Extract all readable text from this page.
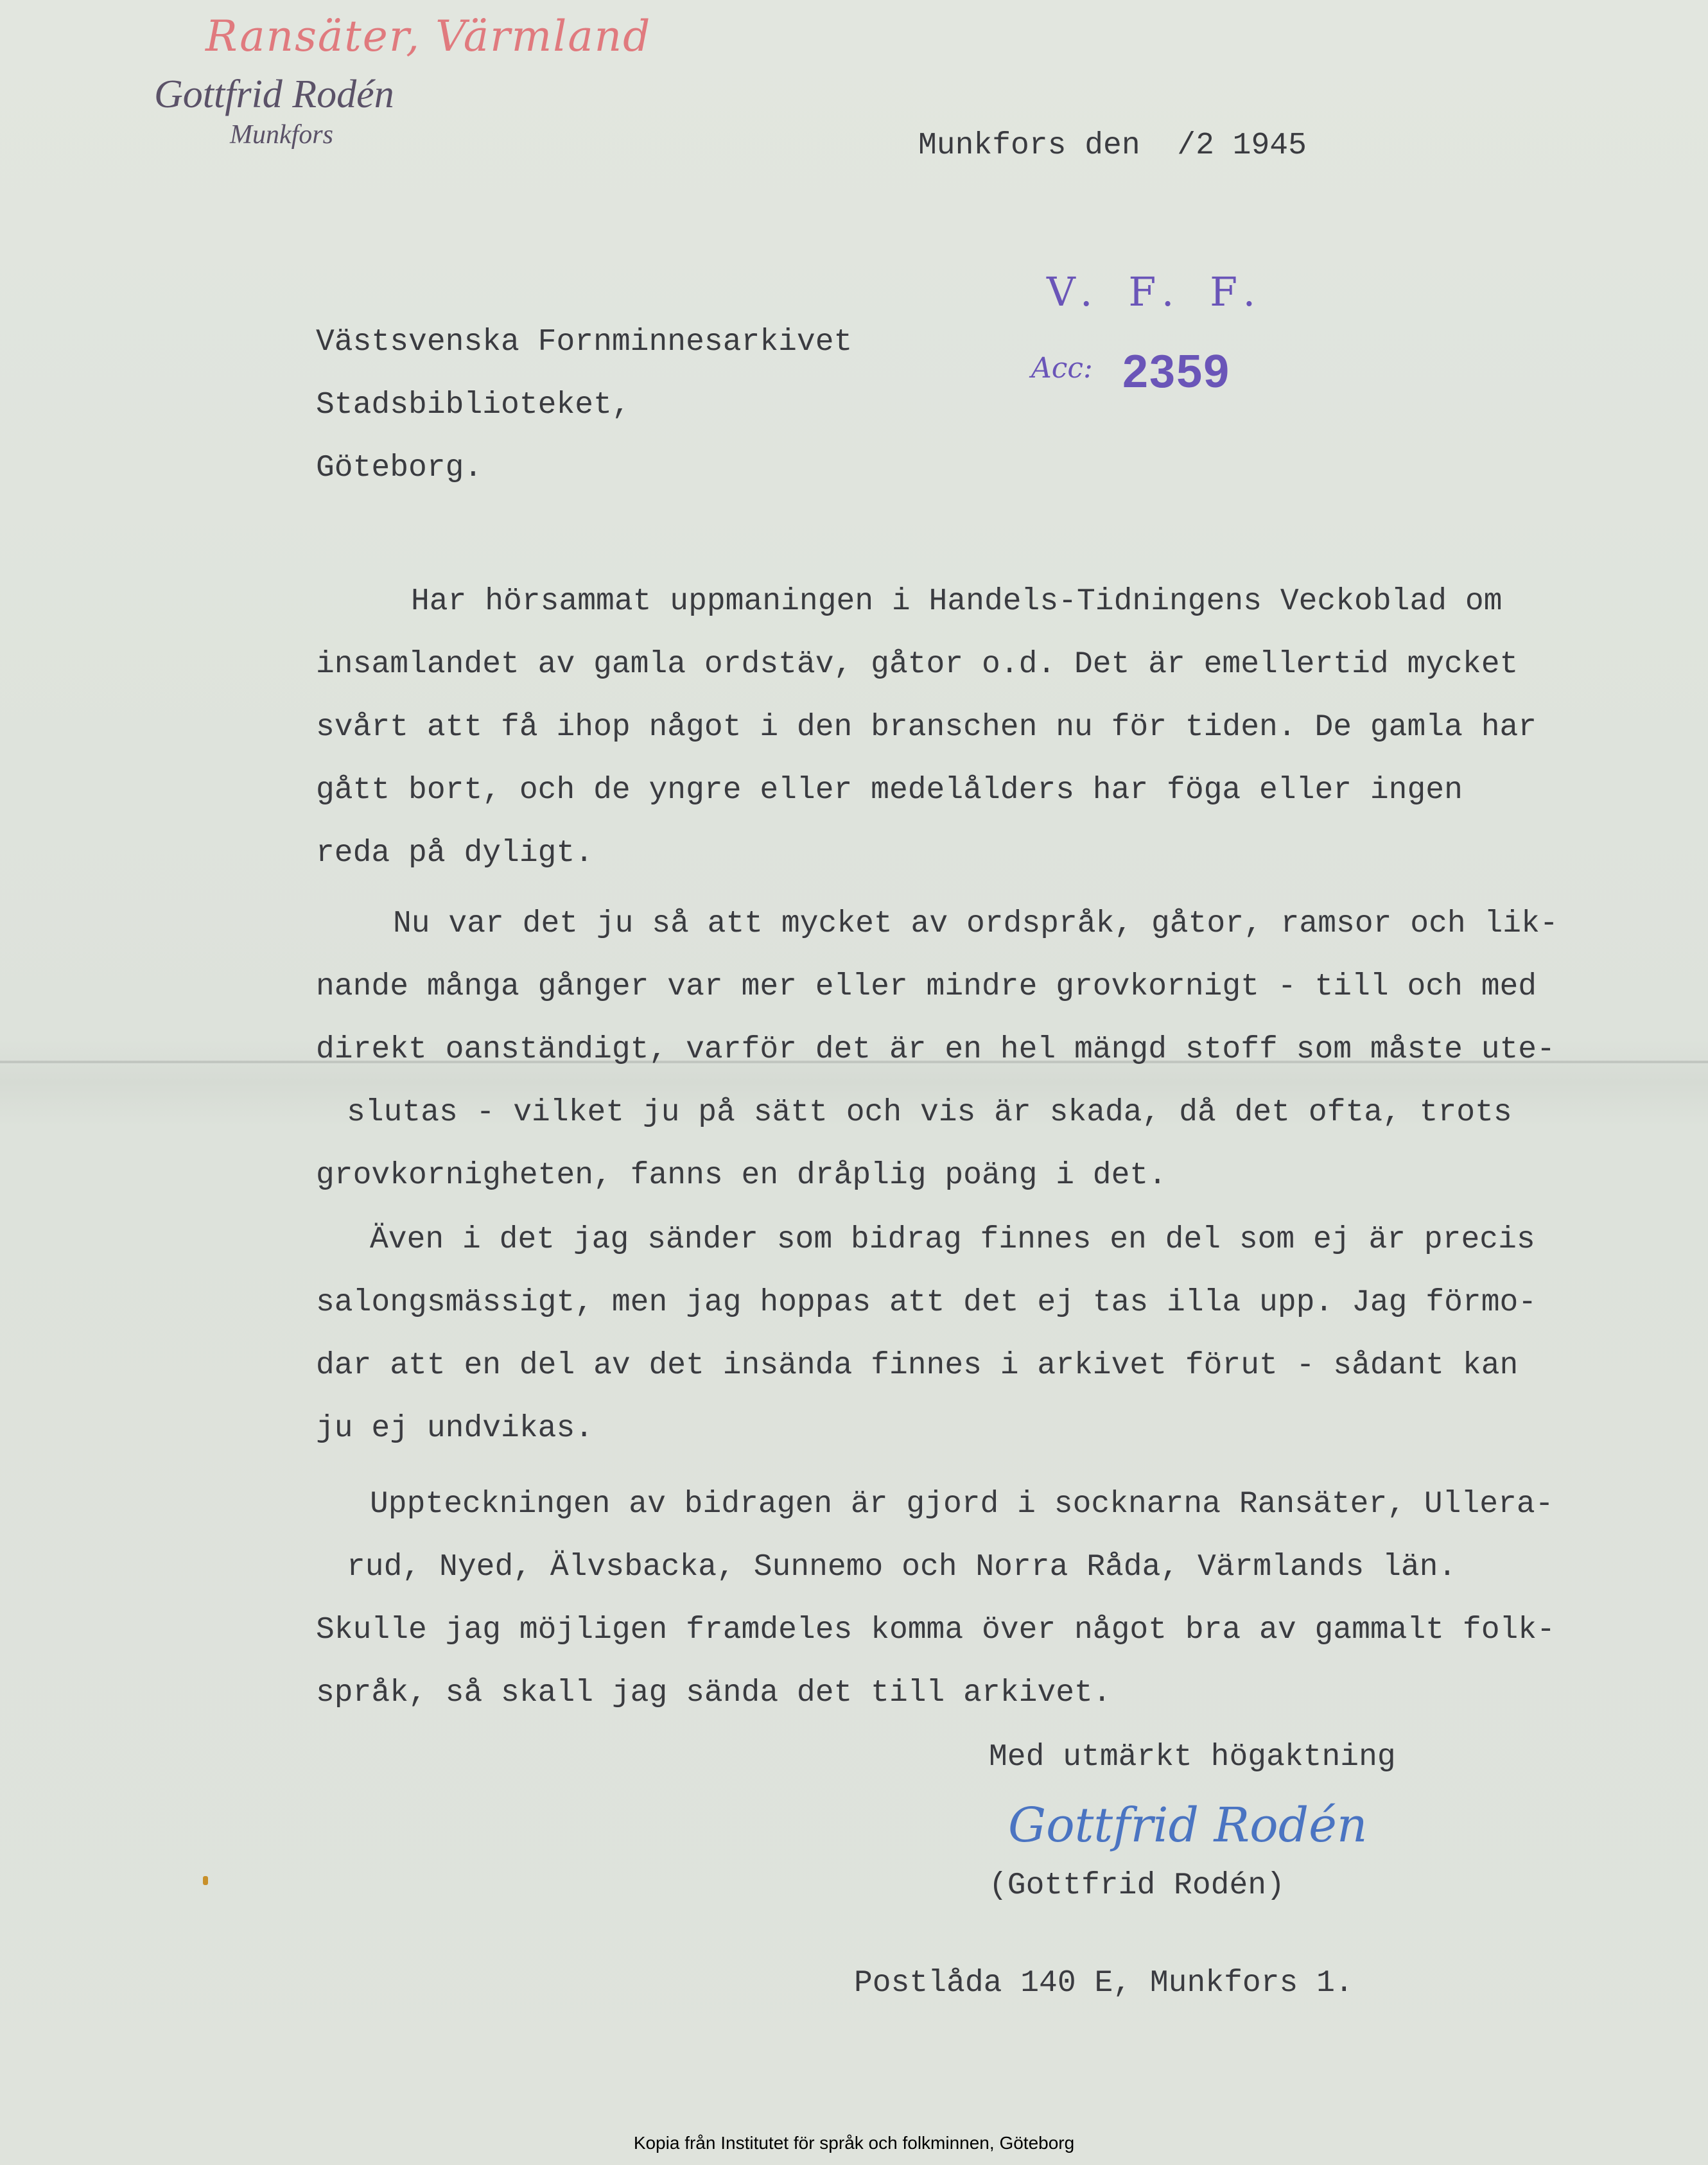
Ransäter, Värmland
Gottfrid Rodén
Munkfors	Munkfors den  /2 1945
V. F. F.
Acc: 2359
Västsvenska Fornminnesarkivet
Stadsbiblioteket,
Göteborg.
Har hörsammat uppmaningen i Handels-Tidningens Veckoblad om
insamlandet av gamla ordstäv, gåtor o.d. Det är emellertid mycket
svårt att få ihop något i den branschen nu för tiden. De gamla har
gått bort, och de yngre eller medelålders har föga eller ingen
reda på dyligt.
Nu var det ju så att mycket av ordspråk, gåtor, ramsor och lik-
nande många gånger var mer eller mindre grovkornigt - till och med
direkt oanständigt, varför det är en hel mängd stoff som måste ute-
slutas - vilket ju på sätt och vis är skada, då det ofta, trots
grovkornigheten, fanns en dråplig poäng i det.
Även i det jag sänder som bidrag finnes en del som ej är precis
salongsmässigt, men jag hoppas att det ej tas illa upp. Jag förmo-
dar att en del av det insända finnes i arkivet förut - sådant kan
ju ej undvikas.
Uppteckningen av bidragen är gjord i socknarna Ransäter, Ullera-
rud, Nyed, Älvsbacka, Sunnemo och Norra Råda, Värmlands län.
Skulle jag möjligen framdeles komma över något bra av gammalt folk-
språk, så skall jag sända det till arkivet.
Med utmärkt högaktning
Gottfrid Rodén
(Gottfrid Rodén)
Postlåda 140 E, Munkfors 1.
Kopia från Institutet för språk och folkminnen, Göteborg
